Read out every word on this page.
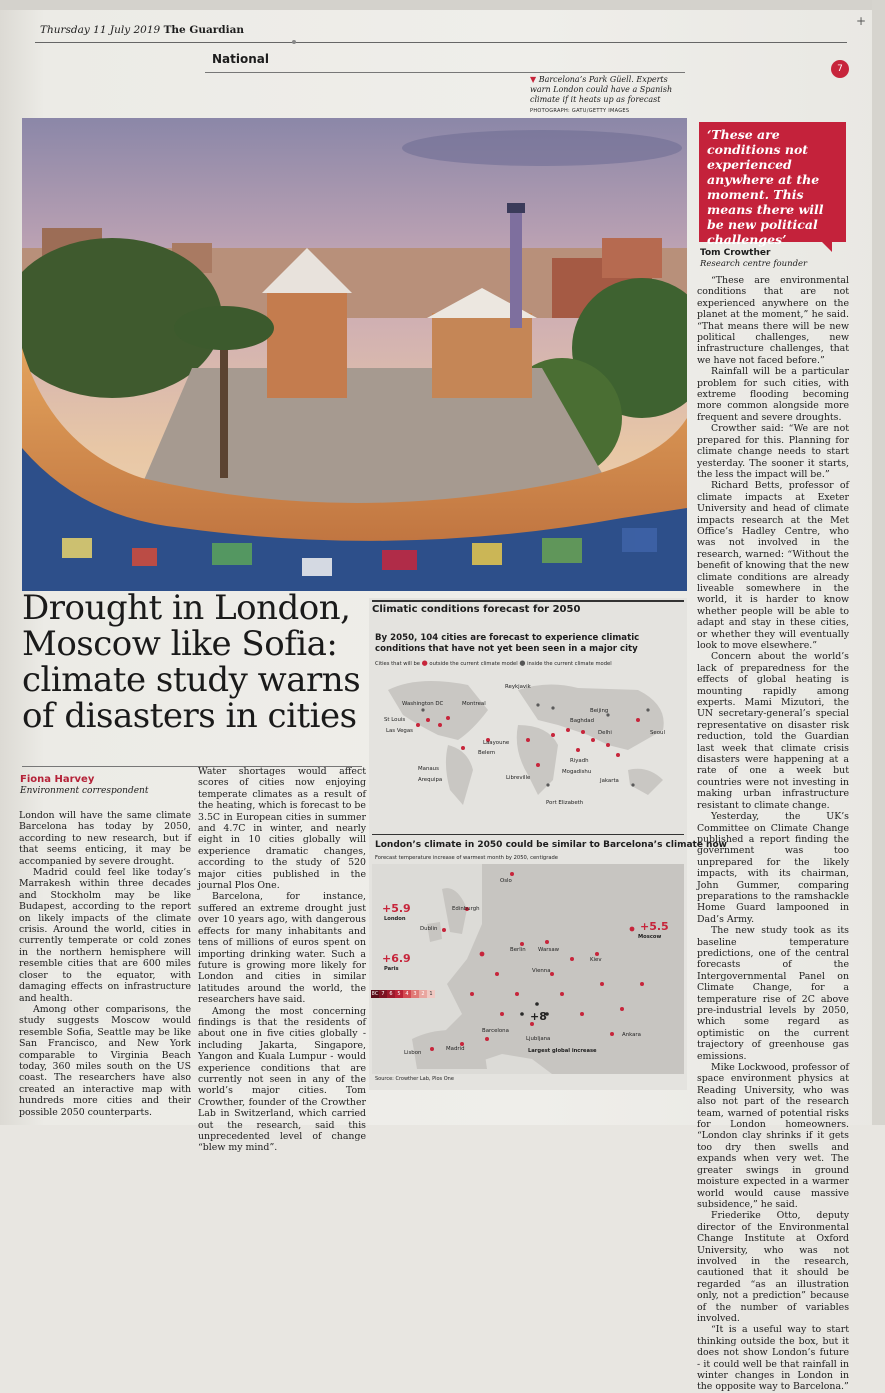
Thursday 11 July 2019 The Guardian
+
7
National
▼ Barcelona’s Park Güell. Experts warn London could have a Spanish climate if it heats up as forecast
PHOTOGRAPH: GATU/GETTY IMAGES
‘These are conditions not experienced anywhere at the moment. This means there will be new political challenges’
Tom Crowther
Research centre founder
Drought in London, Moscow like Sofia: climate study warns of disasters in cities
Fiona Harvey
Environment correspondent

London will have the same climate Barcelona has today by 2050, according to new research, but if that seems enticing, it may be accompanied by severe drought.

Madrid could feel like today’s Marrakesh within three decades and Stockholm may be like Budapest, according to the report on likely impacts of the climate crisis. Around the world, cities in currently temperate or cold zones in the northern hemisphere will resemble cities that are 600 miles closer to the equator, with damaging effects on infrastructure and health.

Among other comparisons, the study suggests Moscow would resemble Sofia, Seattle may be like San Francisco, and New York comparable to Virginia Beach today, 360 miles south on the US coast. The researchers have also created an interactive map with hundreds more cities and their possible 2050 counterparts.

Water shortages would affect scores of cities now enjoying temperate climates as a result of the heating, which is forecast to be 3.5C in European cities in summer and 4.7C in winter, and nearly eight in 10 cities globally will experience dramatic changes, according to the study of 520 major cities published in the journal Plos One.

Barcelona, for instance, suffered an extreme drought just over 10 years ago, with dangerous effects for many inhabitants and tens of millions of euros spent on importing drinking water. Such a future is growing more likely for London and cities in similar latitudes around the world, the researchers have said.

Among the most concerning findings is that the residents of about one in five cities globally - including Jakarta, Singapore, Yangon and Kuala Lumpur - would experience conditions that are currently not seen in any of the world’s major cities. Tom Crowther, founder of the Crowther Lab in Switzerland, which carried out the research, said this unprecedented level of change “blew my mind”.

“These are environmental conditions that are not experienced anywhere on the planet at the moment,” he said. “That means there will be new political challenges, new infrastructure challenges, that we have not faced before.”

Rainfall will be a particular problem for such cities, with extreme flooding becoming more common alongside more frequent and severe droughts.

Crowther said: “We are not prepared for this. Planning for climate change needs to start yesterday. The sooner it starts, the less the impact will be.”

Richard Betts, professor of climate impacts at Exeter University and head of climate impacts research at the Met Office’s Hadley Centre, who was not involved in the research, warned: “Without the benefit of knowing that the new climate conditions are already liveable somewhere in the world, it is harder to know whether people will be able to adapt and stay in these cities, or whether they will eventually look to move elsewhere.”

Concern about the world’s lack of preparedness for the effects of global heating is mounting rapidly among experts. Mami Mizutori, the UN secretary-general’s special representative on disaster risk reduction, told the Guardian last week that climate crisis disasters were happening at a rate of one a week but countries were not investing in making urban infrastructure resistant to climate change.

Yesterday, the UK’s Committee on Climate Change published a report finding the government was too unprepared for the likely impacts, with its chairman, John Gummer, comparing preparations to the ramshackle Home Guard lampooned in Dad’s Army.

The new study took as its baseline temperature predictions, one of the central forecasts of the Intergovernmental Panel on Climate Change, for a temperature rise of 2C above pre-industrial levels by 2050, which some regard as optimistic on the current trajectory of greenhouse gas emissions.

Mike Lockwood, professor of space environment physics at Reading University, who was also not part of the research team, warned of potential risks for London homeowners. “London clay shrinks if it gets too dry then swells and expands when very wet. The greater swings in ground moisture expected in a warmer world would cause massive subsidence,” he said.

Friederike Otto, deputy director of the Environmental Change Institute at Oxford University, who was not involved in the research, cautioned that it should be regarded “as an illustration only, not a prediction” because of the number of variables involved.

“It is a useful way to start thinking outside the box, but it does not show London’s future - it could well be that rainfall in winter changes in London in the opposite way to Barcelona.”

Climatic conditions forecast for 2050
By 2050, 104 cities are forecast to experience climatic conditions that have not yet been seen in a major city
Cities that will be ● outside the current climate model ● inside the current climate model
Reykjavik
Washington DC	Montreal
St Louis
Las Vegas
Beijing
Baghdad
Delhi	Seoul
Laayoune
Belem
Riyadh
Mogadishu
Manaus
Arequipa	Libreville	Jakarta
Port Elizabeth
London’s climate in 2050 could be similar to Barcelona’s climate now
Forecast temperature increase of warmest month by 2050, centigrade
Oslo
Edinburgh
Dublin
Berlin Warsaw
Kiev
Vienna
Lisbon
Madrid
Barcelona
Ljubljana
Ankara
+5.9
London
+6.9
Paris
+5.5
Moscow
+8
Largest global increase
8C 7 6 5 4 3 2 1
Source: Crowther Lab, Plos One
